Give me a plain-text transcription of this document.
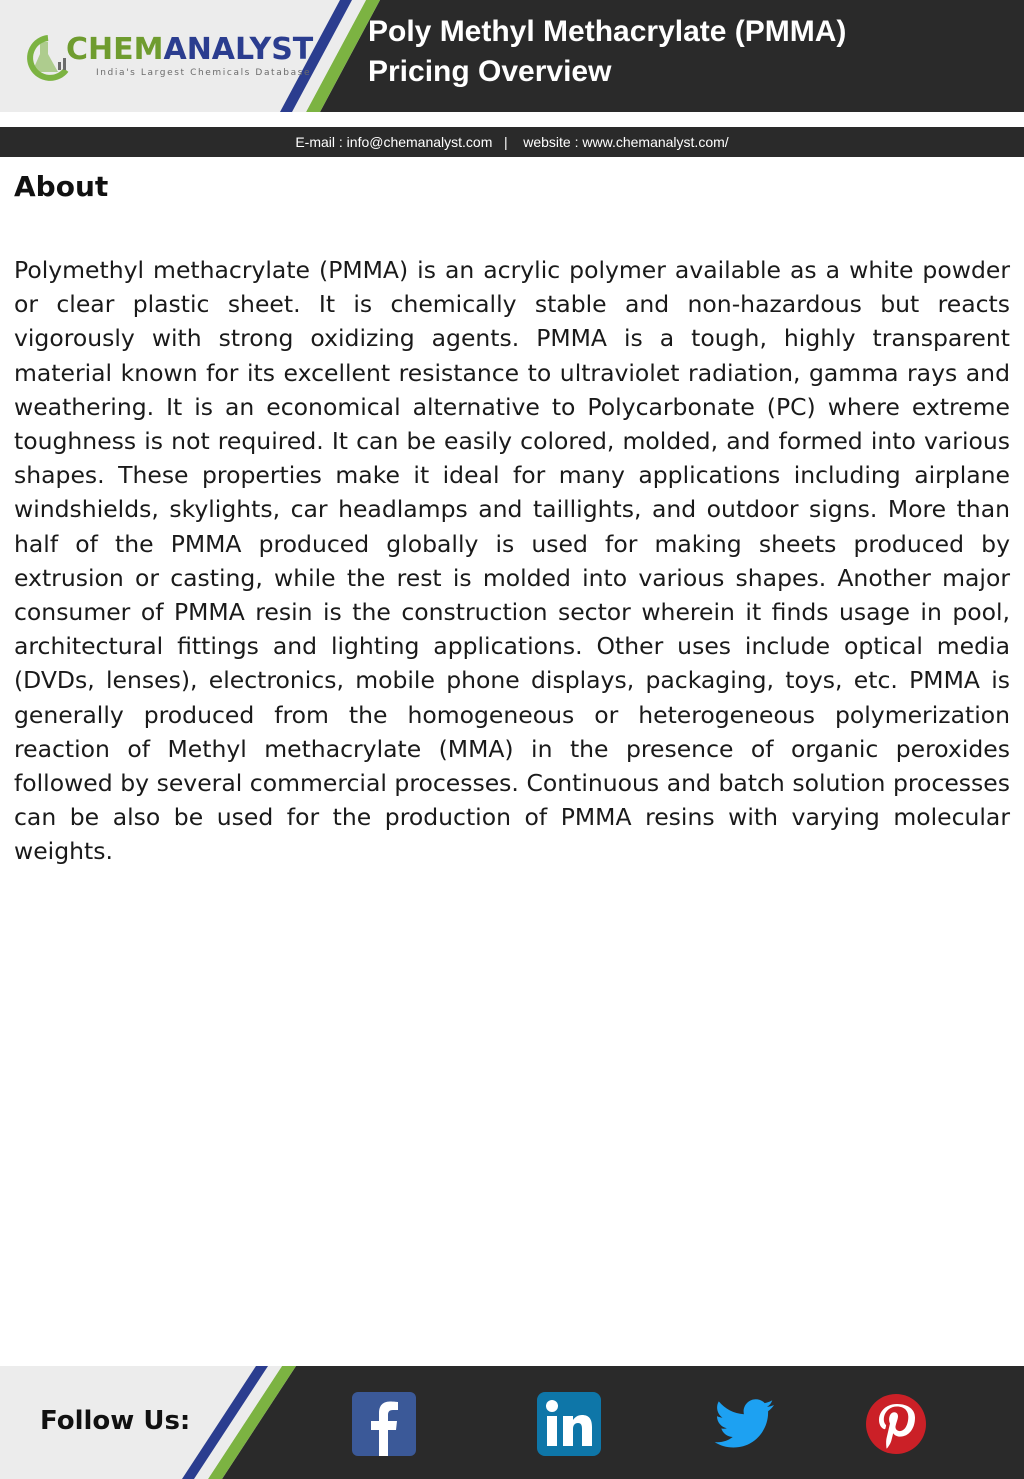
CHEMANALYST
India's Largest Chemicals Database
Poly Methyl Methacrylate (PMMA)
Pricing Overview
E-mail : info@chemanalyst.com   |    website : www.chemanalyst.com/
About

Polymethyl methacrylate (PMMA) is an acrylic polymer available as a white powder or clear plastic sheet. It is chemically stable and non-hazardous but reacts vigorously with strong oxidizing agents. PMMA is a tough, highly transparent material known for its excellent resistance to ultraviolet radiation, gamma rays and weathering. It is an economical alternative to Polycarbonate (PC) where extreme toughness is not required. It can be easily colored, molded, and formed into various shapes. These properties make it ideal for many applications including airplane windshields, skylights, car headlamps and taillights, and outdoor signs. More than half of the PMMA produced globally is used for making sheets produced by extrusion or casting, while the rest is molded into various shapes. Another major consumer of PMMA resin is the construction sector wherein it finds usage in pool, architectural fittings and lighting applications. Other uses include optical media (DVDs, lenses), electronics, mobile phone displays, packaging, toys, etc. PMMA is generally produced from the homogeneous or heterogeneous polymerization reaction of Methyl methacrylate (MMA) in the presence of organic peroxides followed by several commercial processes. Continuous and batch solution processes can be also be used for the production of PMMA resins with varying molecular weights.

Follow Us:
